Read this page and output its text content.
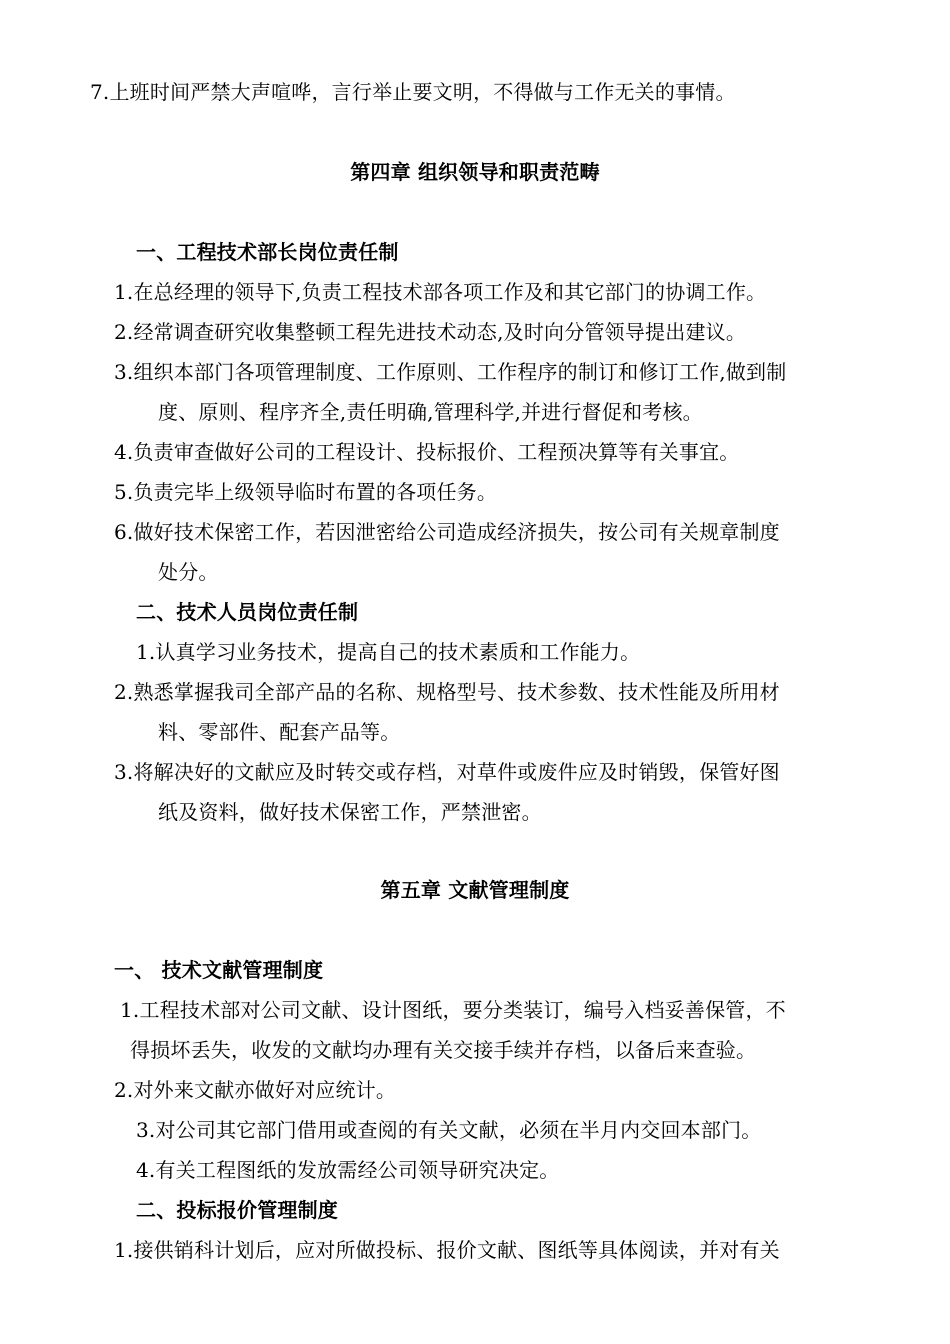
7.上班时间严禁大声喧哗，言行举止要文明，不得做与工作无关的事情。
第四章 组织领导和职责范畴
一、工程技术部长岗位责任制
1.在总经理的领导下,负责工程技术部各项工作及和其它部门的协调工作。
2.经常调查研究收集整顿工程先进技术动态,及时向分管领导提出建议。
3.组织本部门各项管理制度、工作原则、工作程序的制订和修订工作,做到制
度、原则、程序齐全,责任明确,管理科学,并进行督促和考核。
4.负责审查做好公司的工程设计、投标报价、工程预决算等有关事宜。
5.负责完毕上级领导临时布置的各项任务。
6.做好技术保密工作，若因泄密给公司造成经济损失，按公司有关规章制度
处分。
二、技术人员岗位责任制
1.认真学习业务技术，提高自己的技术素质和工作能力。
2.熟悉掌握我司全部产品的名称、规格型号、技术参数、技术性能及所用材
料、零部件、配套产品等。
3.将解决好的文献应及时转交或存档，对草件或废件应及时销毁，保管好图
纸及资料，做好技术保密工作，严禁泄密。
第五章 文献管理制度
一、 技术文献管理制度
1.工程技术部对公司文献、设计图纸，要分类装订，编号入档妥善保管，不
得损坏丢失，收发的文献均办理有关交接手续并存档，以备后来查验。
2.对外来文献亦做好对应统计。
3.对公司其它部门借用或查阅的有关文献，必须在半月内交回本部门。
4.有关工程图纸的发放需经公司领导研究决定。
二、投标报价管理制度
1.接供销科计划后，应对所做投标、报价文献、图纸等具体阅读，并对有关
